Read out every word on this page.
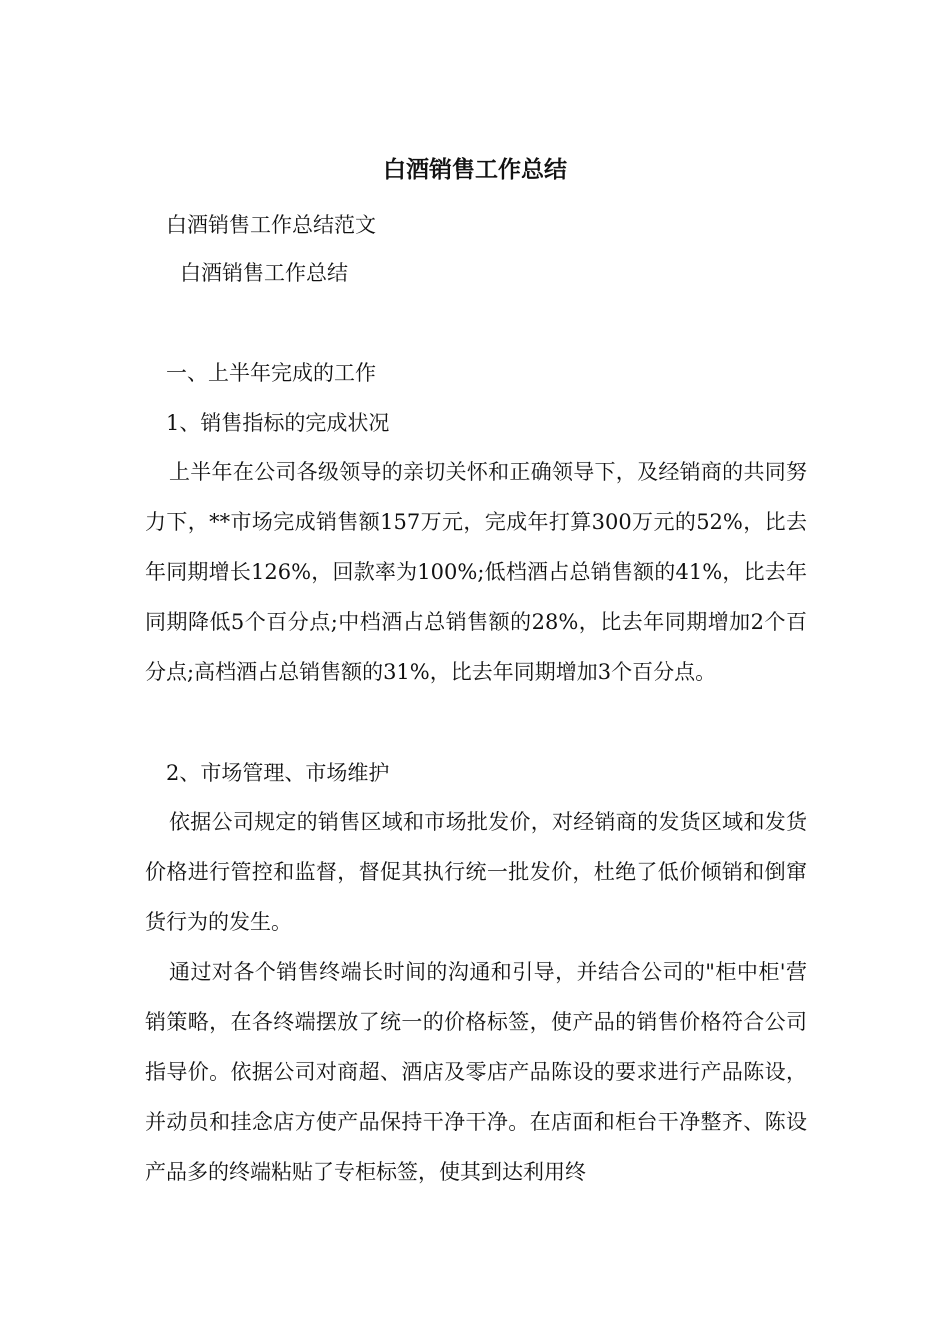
白酒销售工作总结
白酒销售工作总结范文
白酒销售工作总结
一、上半年完成的工作
1、销售指标的完成状况

上半年在公司各级领导的亲切关怀和正确领导下，及经销商的共同努力下，**市场完成销售额157万元，完成年打算300万元的52%，比去年同期增长126%，回款率为100%;低档酒占总销售额的41%，比去年同期降低5个百分点;中档酒占总销售额的28%，比去年同期增加2个百分点;高档酒占总销售额的31%，比去年同期增加3个百分点。

2、市场管理、市场维护

依据公司规定的销售区域和市场批发价，对经销商的发货区域和发货价格进行管控和监督，督促其执行统一批发价，杜绝了低价倾销和倒窜货行为的发生。

通过对各个销售终端长时间的沟通和引导，并结合公司的"柜中柜'营销策略，在各终端摆放了统一的价格标签，使产品的销售价格符合公司指导价。依据公司对商超、酒店及零店产品陈设的要求进行产品陈设，并动员和挂念店方使产品保持干净干净。在店面和柜台干净整齐、陈设产品多的终端粘贴了专柜标签，使其到达利用终
